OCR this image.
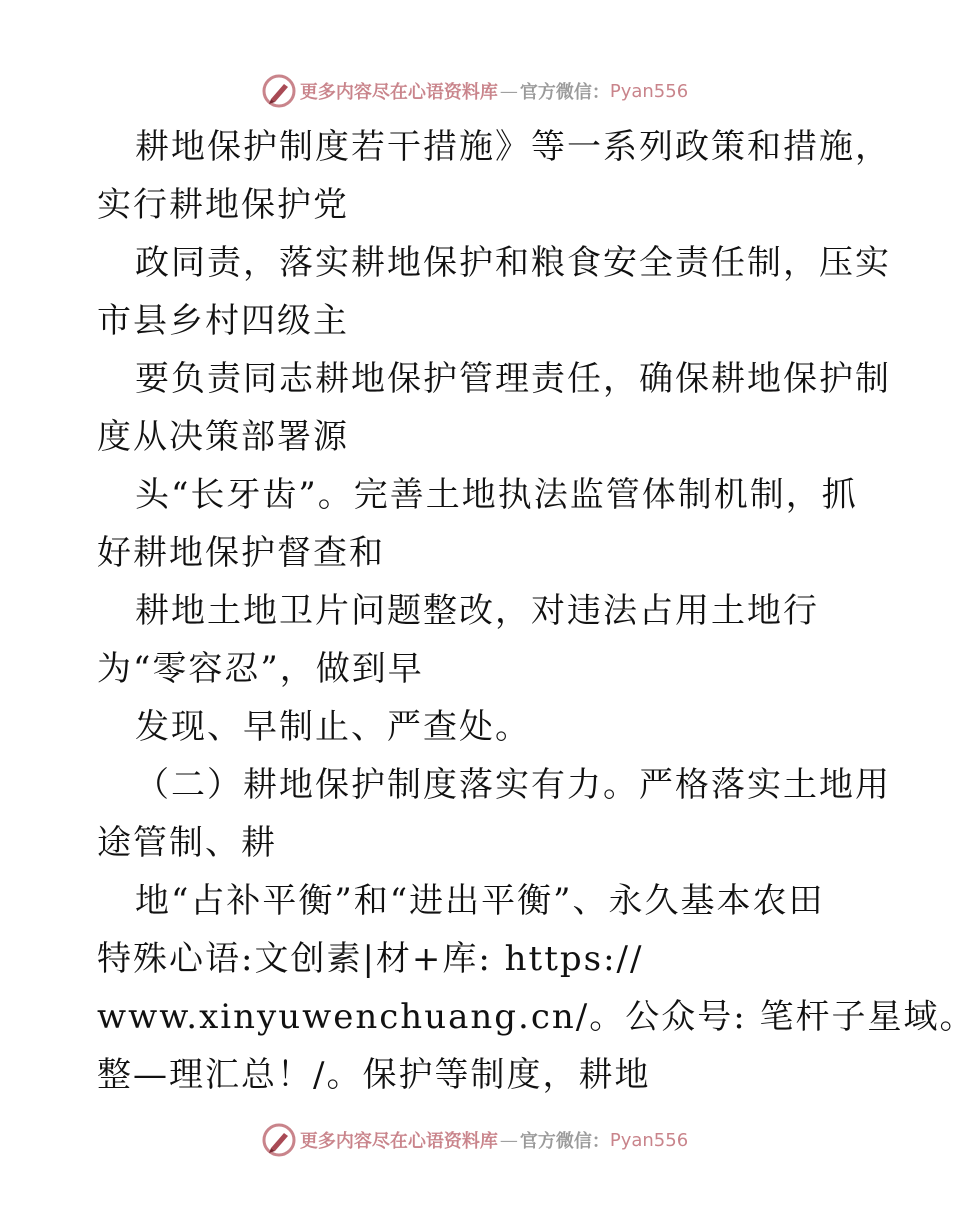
更多内容尽在心语资料库 — 官方微信： Pyan556
耕地保护制度若干措施》等一系列政策和措施，
实行耕地保护党
政同责，落实耕地保护和粮食安全责任制，压实
市县乡村四级主
要负责同志耕地保护管理责任，确保耕地保护制
度从决策部署源
头“长牙齿”。完善土地执法监管体制机制，抓
好耕地保护督查和
耕地土地卫片问题整改，对违法占用土地行
为“零容忍”，做到早
发现、早制止、严查处。
（二）耕地保护制度落实有力。严格落实土地用
途管制、耕
地“占补平衡”和“进出平衡”、永久基本农田
特殊心语:文创素|材+库: https://
www.xinyuwenchuang.cn/。公众号: 笔杆子星域。
整—理汇总！/。保护等制度，耕地
更多内容尽在心语资料库 — 官方微信： Pyan556
